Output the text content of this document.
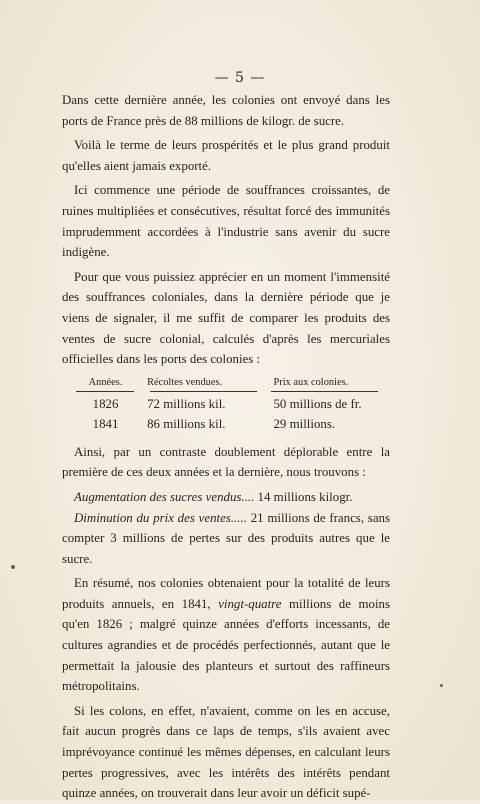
— 5 —

Dans cette dernière année, les colonies ont envoyé dans les ports de France près de 88 millions de kilogr. de sucre.

Voilà le terme de leurs prospérités et le plus grand produit qu'elles aient jamais exporté.

Ici commence une période de souffrances croissantes, de ruines multipliées et consécutives, résultat forcé des immunités imprudemment accordées à l'industrie sans avenir du sucre indigène.

Pour que vous puissiez apprécier en un moment l'immensité des souffrances coloniales, dans la dernière période que je viens de signaler, il me suffit de comparer les produits des ventes de sucre colonial, calculés d'après les mercuriales officielles dans les ports des colonies :

Années.	Récoltes vendues.	Prix aux colonies.
1826	72 millions kil.	50 millions de fr.
1841	86 millions kil.	29 millions.

Ainsi, par un contraste doublement déplorable entre la première de ces deux années et la dernière, nous trouvons :

Augmentation des sucres vendus.... 14 millions kilogr.

Diminution du prix des ventes..... 21 millions de francs, sans compter 3 millions de pertes sur des produits autres que le sucre.

En résumé, nos colonies obtenaient pour la totalité de leurs produits annuels, en 1841, vingt-quatre millions de moins qu'en 1826 ; malgré quinze années d'efforts incessants, de cultures agrandies et de procédés perfectionnés, autant que le permettait la jalousie des planteurs et surtout des raffineurs métropolitains.

Si les colons, en effet, n'avaient, comme on les en accuse, fait aucun progrès dans ce laps de temps, s'ils avaient avec imprévoyance continué les mêmes dépenses, en calculant leurs pertes progressives, avec les intérêts des intérêts pendant quinze années, on trouverait dans leur avoir un déficit supé-
